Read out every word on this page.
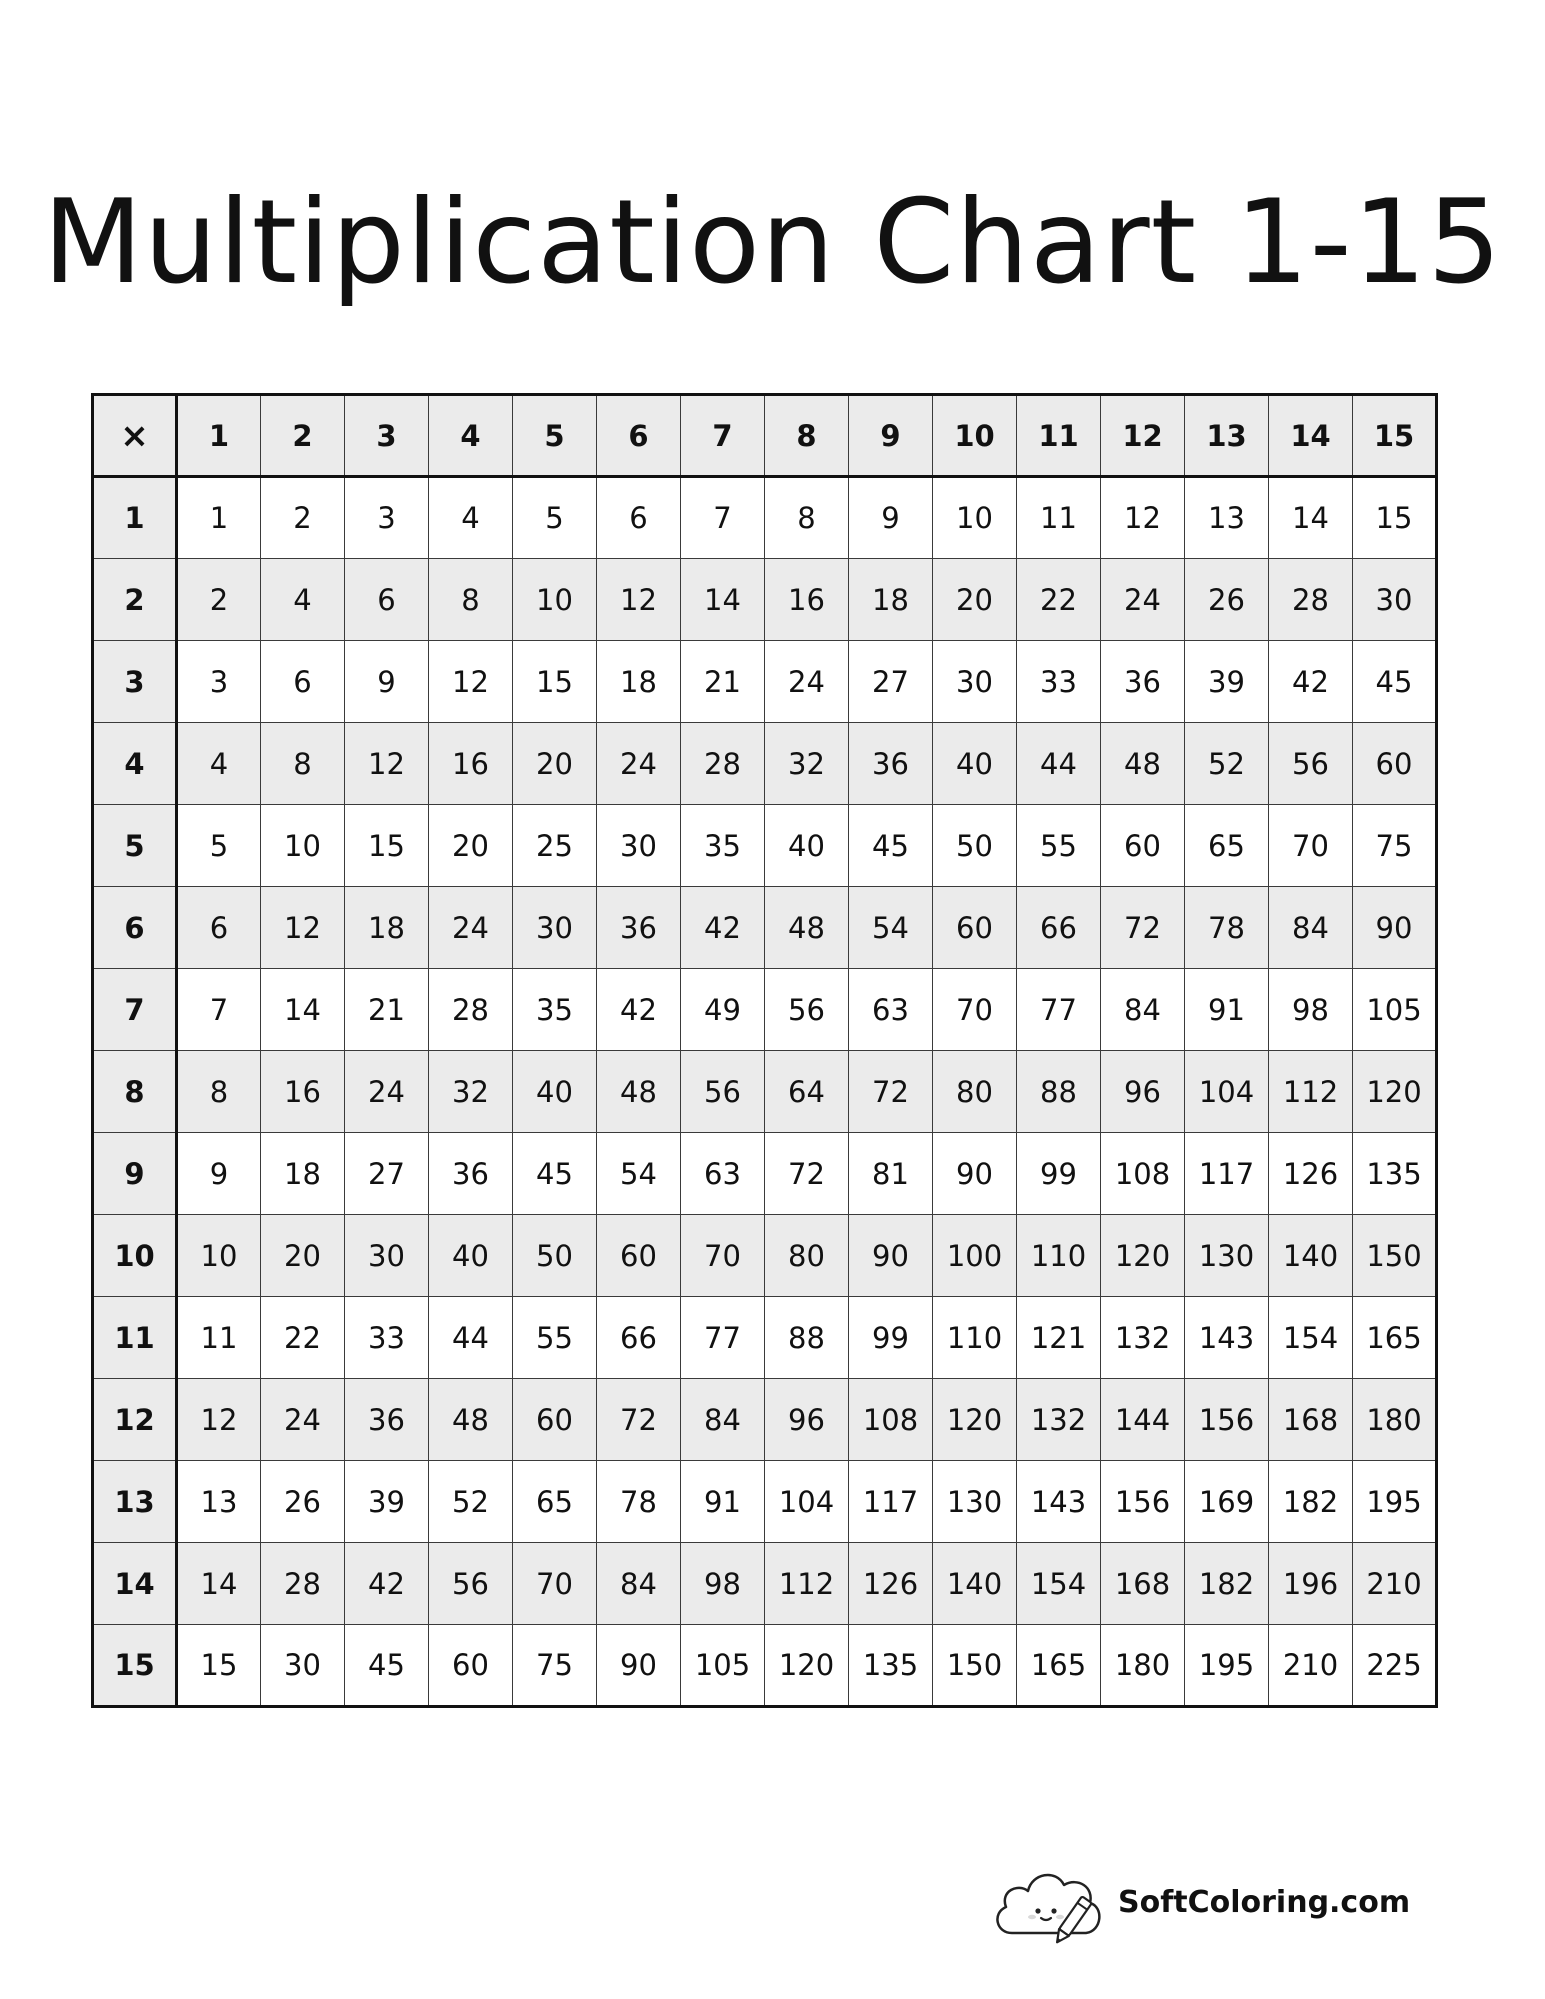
Multiplication Chart 1-15
×	1	2	3	4	5	6	7	8	9	10	11	12	13	14	15
1	1	2	3	4	5	6	7	8	9	10	11	12	13	14	15
2	2	4	6	8	10	12	14	16	18	20	22	24	26	28	30
3	3	6	9	12	15	18	21	24	27	30	33	36	39	42	45
4	4	8	12	16	20	24	28	32	36	40	44	48	52	56	60
5	5	10	15	20	25	30	35	40	45	50	55	60	65	70	75
6	6	12	18	24	30	36	42	48	54	60	66	72	78	84	90
7	7	14	21	28	35	42	49	56	63	70	77	84	91	98	105
8	8	16	24	32	40	48	56	64	72	80	88	96	104	112	120
9	9	18	27	36	45	54	63	72	81	90	99	108	117	126	135
10	10	20	30	40	50	60	70	80	90	100	110	120	130	140	150
11	11	22	33	44	55	66	77	88	99	110	121	132	143	154	165
12	12	24	36	48	60	72	84	96	108	120	132	144	156	168	180
13	13	26	39	52	65	78	91	104	117	130	143	156	169	182	195
14	14	28	42	56	70	84	98	112	126	140	154	168	182	196	210
15	15	30	45	60	75	90	105	120	135	150	165	180	195	210	225
SoftColoring.com
